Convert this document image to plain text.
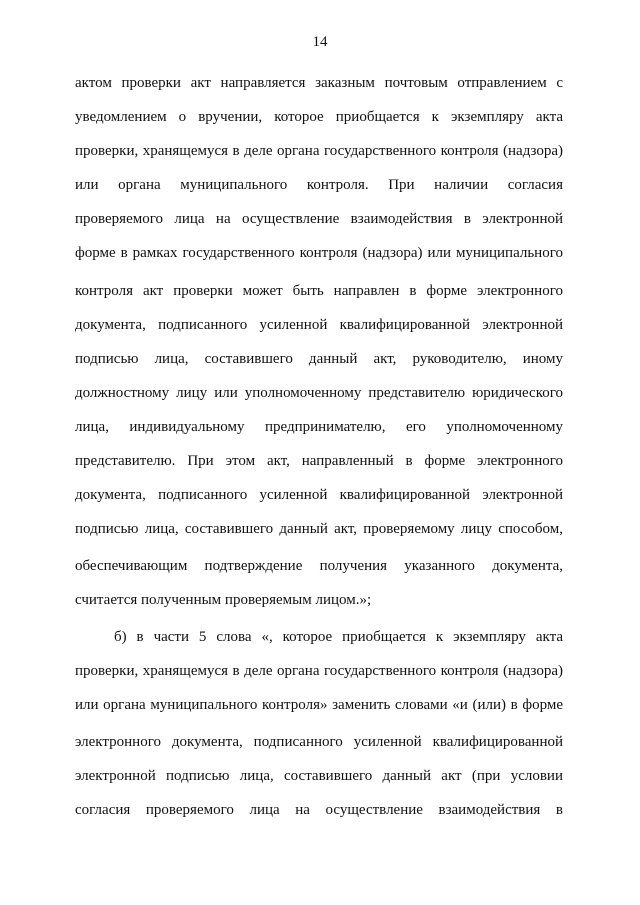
14
актом проверки акт направляется заказным почтовым отправлением с
уведомлением о вручении, которое приобщается к экземпляру акта
проверки, хранящемуся в деле органа государственного контроля (надзора)
или органа муниципального контроля. При наличии согласия
проверяемого лица на осуществление взаимодействия в электронной
форме в рамках государственного контроля (надзора) или муниципального
контроля акт проверки может быть направлен в форме электронного
документа, подписанного усиленной квалифицированной электронной
подписью лица, составившего данный акт, руководителю, иному
должностному лицу или уполномоченному представителю юридического
лица, индивидуальному предпринимателю, его уполномоченному
представителю. При этом акт, направленный в форме электронного
документа, подписанного усиленной квалифицированной электронной
подписью лица, составившего данный акт, проверяемому лицу способом,
обеспечивающим подтверждение получения указанного документа,
считается полученным проверяемым лицом.»;
б) в части 5 слова «, которое приобщается к экземпляру акта
проверки, хранящемуся в деле органа государственного контроля (надзора)
или органа муниципального контроля» заменить словами «и (или) в форме
электронного документа, подписанного усиленной квалифицированной
электронной подписью лица, составившего данный акт (при условии
согласия проверяемого лица на осуществление взаимодействия в
